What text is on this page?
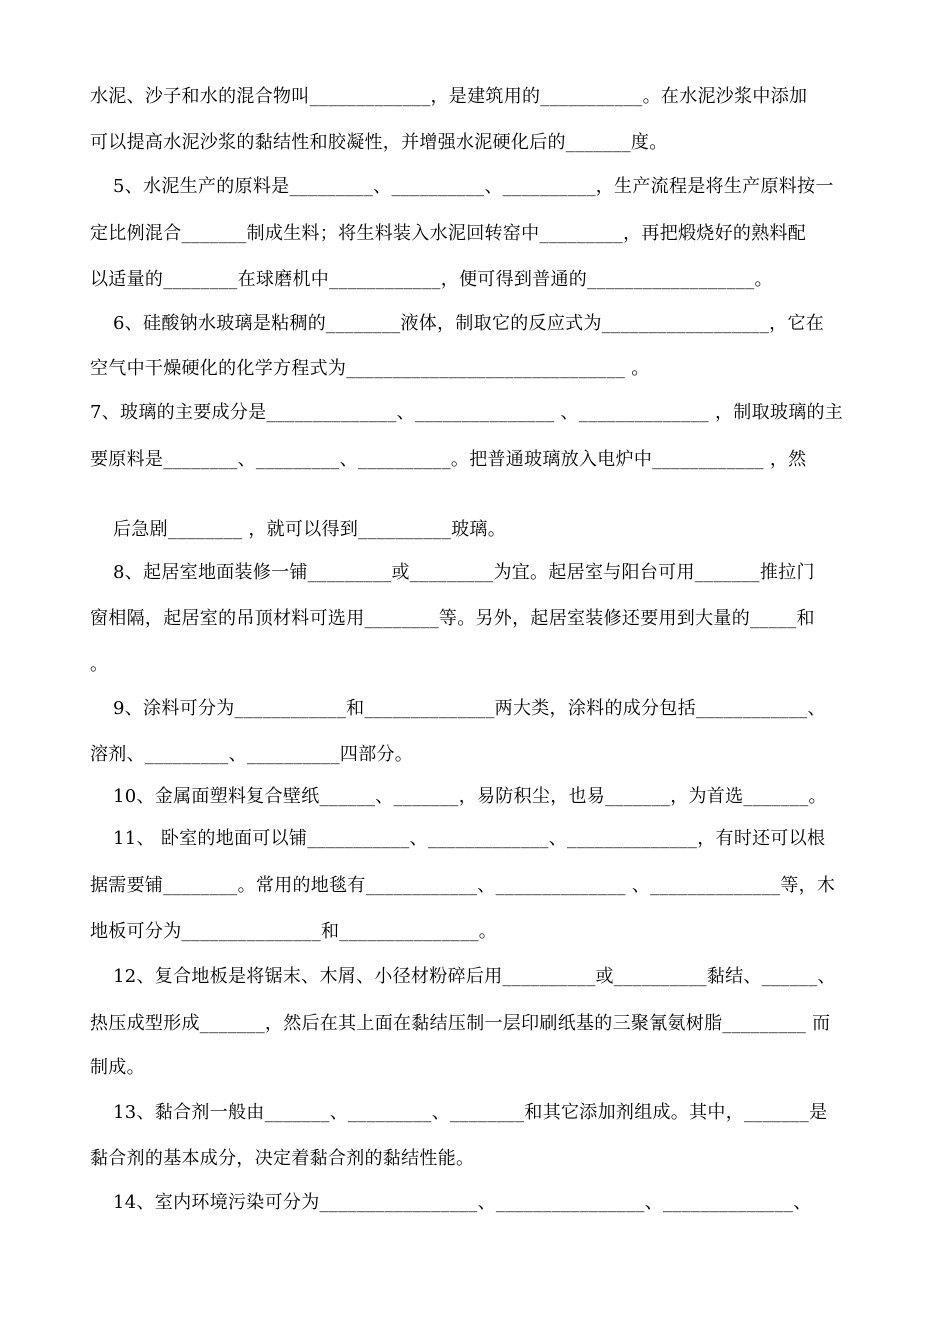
水泥、沙子和水的混合物叫_____________，是建筑用的___________。在水泥沙浆中添加
可以提高水泥沙浆的黏结性和胶凝性，并增强水泥硬化后的_______度。
5、水泥生产的原料是_________、__________、__________，生产流程是将生产原料按一
定比例混合_______制成生料；将生料装入水泥回转窑中_________，再把煅烧好的熟料配
以适量的________在球磨机中____________，便可得到普通的__________________。
6、硅酸钠水玻璃是粘稠的________液体，制取它的反应式为__________________，它在
空气中干燥硬化的化学方程式为______________________________ 。
7、玻璃的主要成分是______________、_______________ 、______________ ，制取玻璃的主
要原料是________、_________、__________。把普通玻璃放入电炉中____________ ，然
后急剧________ ，就可以得到__________玻璃。
8、起居室地面装修一铺_________或_________为宜。起居室与阳台可用_______推拉门
窗相隔，起居室的吊顶材料可选用________等。另外，起居室装修还要用到大量的_____和
。
9、涂料可分为____________和______________两大类，涂料的成分包括____________、
溶剂、_________、__________四部分。
10、金属面塑料复合壁纸______、_______，易防积尘，也易_______，为首选_______。
11、 卧室的地面可以铺___________、_____________、______________，有时还可以根
据需要铺________。常用的地毯有____________、______________ 、______________等，木
地板可分为_______________和_______________。
12、复合地板是将锯末、木屑、小径材粉碎后用__________或__________黏结、______、
热压成型形成_______，然后在其上面在黏结压制一层印刷纸基的三聚氰氨树脂_________ 而
制成。
13、黏合剂一般由_______、_________、________和其它添加剂组成。其中，_______是
黏合剂的基本成分，决定着黏合剂的黏结性能。
14、室内环境污染可分为_________________、________________、______________、
